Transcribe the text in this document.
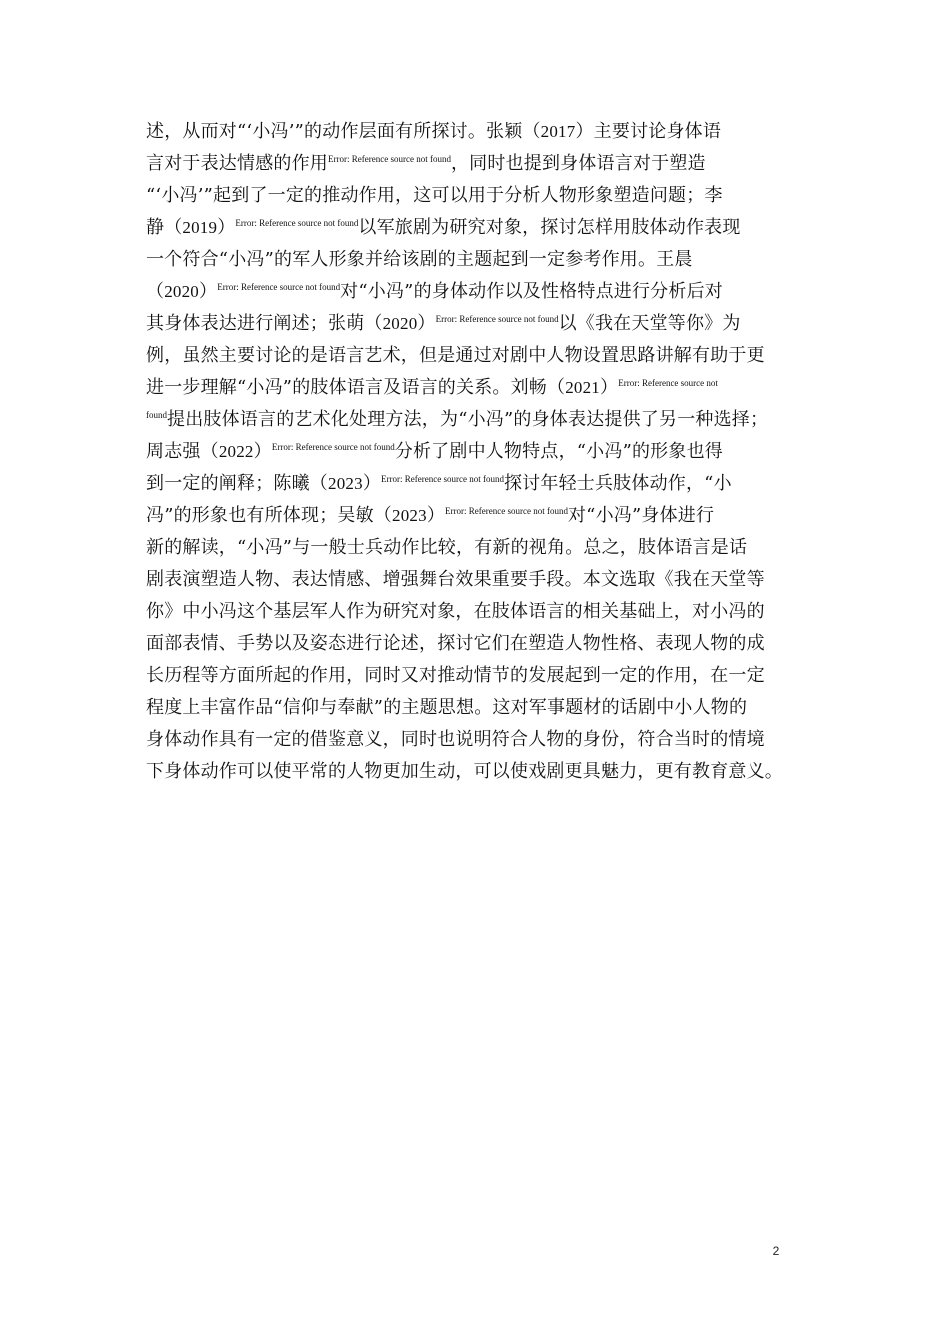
述，从而对“‘小冯’”的动作层面有所探讨。张颖（2017）主要讨论身体语
言对于表达情感的作用$^{Error: Reference source not found}$，同时也提到身体语言对于塑造
“‘小冯’”起到了一定的推动作用，这可以用于分析人物形象塑造问题；李
静（2019）$^{Error: Reference source not found}$以军旅剧为研究对象，探讨怎样用肢体动作表现
一个符合“小冯”的军人形象并给该剧的主题起到一定参考作用。王晨
（2020）$^{Error: Reference source not found}$对“小冯”的身体动作以及性格特点进行分析后对
其身体表达进行阐述；张萌（2020）$^{Error: Reference source not found}$以《我在天堂等你》为
例，虽然主要讨论的是语言艺术，但是通过对剧中人物设置思路讲解有助于更
进一步理解“小冯”的肢体语言及语言的关系。刘畅（2021）$^{Error: Reference source not}$
$^{found}$提出肢体语言的艺术化处理方法，为“小冯”的身体表达提供了另一种选择；
周志强（2022）$^{Error: Reference source not found}$分析了剧中人物特点，“小冯”的形象也得
到一定的阐释；陈曦（2023）$^{Error: Reference source not found}$探讨年轻士兵肢体动作，“小
冯”的形象也有所体现；吴敏（2023）$^{Error: Reference source not found}$对“小冯”身体进行
新的解读，“小冯”与一般士兵动作比较，有新的视角。总之，肢体语言是话
剧表演塑造人物、表达情感、增强舞台效果重要手段。本文选取《我在天堂等
你》中小冯这个基层军人作为研究对象，在肢体语言的相关基础上，对小冯的
面部表情、手势以及姿态进行论述，探讨它们在塑造人物性格、表现人物的成
长历程等方面所起的作用，同时又对推动情节的发展起到一定的作用，在一定
程度上丰富作品“信仰与奉献”的主题思想。这对军事题材的话剧中小人物的
身体动作具有一定的借鉴意义，同时也说明符合人物的身份，符合当时的情境
下身体动作可以使平常的人物更加生动，可以使戏剧更具魅力，更有教育意义。
2
